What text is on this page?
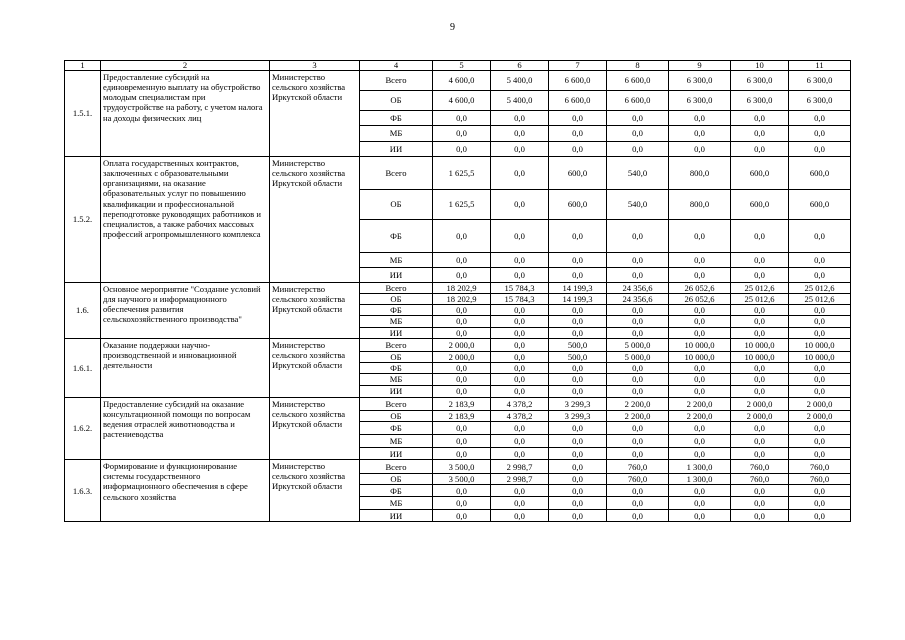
9
1	2	3	4	5	6	7	8	9	10	11
1.5.1.	Предоставление субсидий на единовременную выплату на обустройство молодым специалистам при трудоустройстве на работу, с учетом налога на доходы физических лиц	Министерство сельского хозяйства Иркутской области	Всего	4 600,0	5 400,0	6 600,0	6 600,0	6 300,0	6 300,0	6 300,0
			ОБ	4 600,0	5 400,0	6 600,0	6 600,0	6 300,0	6 300,0	6 300,0
			ФБ	0,0	0,0	0,0	0,0	0,0	0,0	0,0
			МБ	0,0	0,0	0,0	0,0	0,0	0,0	0,0
			ИИ	0,0	0,0	0,0	0,0	0,0	0,0	0,0
1.5.2.	Оплата государственных контрактов, заключенных с образовательными организациями, на оказание образовательных услуг по повышению квалификации и профессиональной переподготовке руководящих работников и специалистов, а также рабочих массовых профессий агропромышленного комплекса	Министерство сельского хозяйства Иркутской области	Всего	1 625,5	0,0	600,0	540,0	800,0	600,0	600,0
			ОБ	1 625,5	0,0	600,0	540,0	800,0	600,0	600,0
			ФБ	0,0	0,0	0,0	0,0	0,0	0,0	0,0
			МБ	0,0	0,0	0,0	0,0	0,0	0,0	0,0
			ИИ	0,0	0,0	0,0	0,0	0,0	0,0	0,0
1.6.	Основное мероприятие "Создание условий для научного и информационного обеспечения развития сельскохозяйственного производства"	Министерство сельского хозяйства Иркутской области	Всего	18 202,9	15 784,3	14 199,3	24 356,6	26 052,6	25 012,6	25 012,6
			ОБ	18 202,9	15 784,3	14 199,3	24 356,6	26 052,6	25 012,6	25 012,6
			ФБ	0,0	0,0	0,0	0,0	0,0	0,0	0,0
			МБ	0,0	0,0	0,0	0,0	0,0	0,0	0,0
			ИИ	0,0	0,0	0,0	0,0	0,0	0,0	0,0
1.6.1.	Оказание поддержки научно-производственной и инновационной деятельности	Министерство сельского хозяйства Иркутской области	Всего	2 000,0	0,0	500,0	5 000,0	10 000,0	10 000,0	10 000,0
			ОБ	2 000,0	0,0	500,0	5 000,0	10 000,0	10 000,0	10 000,0
			ФБ	0,0	0,0	0,0	0,0	0,0	0,0	0,0
			МБ	0,0	0,0	0,0	0,0	0,0	0,0	0,0
			ИИ	0,0	0,0	0,0	0,0	0,0	0,0	0,0
1.6.2.	Предоставление субсидий на оказание консультационной помощи по вопросам ведения отраслей животноводства и растениеводства	Министерство сельского хозяйства Иркутской области	Всего	2 183,9	4 378,2	3 299,3	2 200,0	2 200,0	2 000,0	2 000,0
			ОБ	2 183,9	4 378,2	3 299,3	2 200,0	2 200,0	2 000,0	2 000,0
			ФБ	0,0	0,0	0,0	0,0	0,0	0,0	0,0
			МБ	0,0	0,0	0,0	0,0	0,0	0,0	0,0
			ИИ	0,0	0,0	0,0	0,0	0,0	0,0	0,0
1.6.3.	Формирование и функционирование системы государственного информационного обеспечения в сфере сельского хозяйства	Министерство сельского хозяйства Иркутской области	Всего	3 500,0	2 998,7	0,0	760,0	1 300,0	760,0	760,0
			ОБ	3 500,0	2 998,7	0,0	760,0	1 300,0	760,0	760,0
			ФБ	0,0	0,0	0,0	0,0	0,0	0,0	0,0
			МБ	0,0	0,0	0,0	0,0	0,0	0,0	0,0
			ИИ	0,0	0,0	0,0	0,0	0,0	0,0	0,0
